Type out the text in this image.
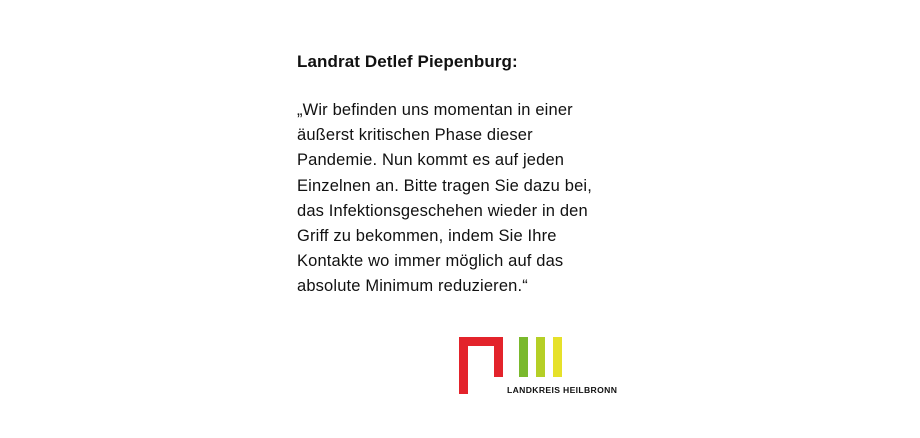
Landrat Detlef Piepenburg:
„Wir befinden uns momentan in einer
äußerst kritischen Phase dieser
Pandemie. Nun kommt es auf jeden
Einzelnen an. Bitte tragen Sie dazu bei,
das Infektionsgeschehen wieder in den
Griff zu bekommen, indem Sie Ihre
Kontakte wo immer möglich auf das
absolute Minimum reduzieren.“
LANDKREIS HEILBRONN
